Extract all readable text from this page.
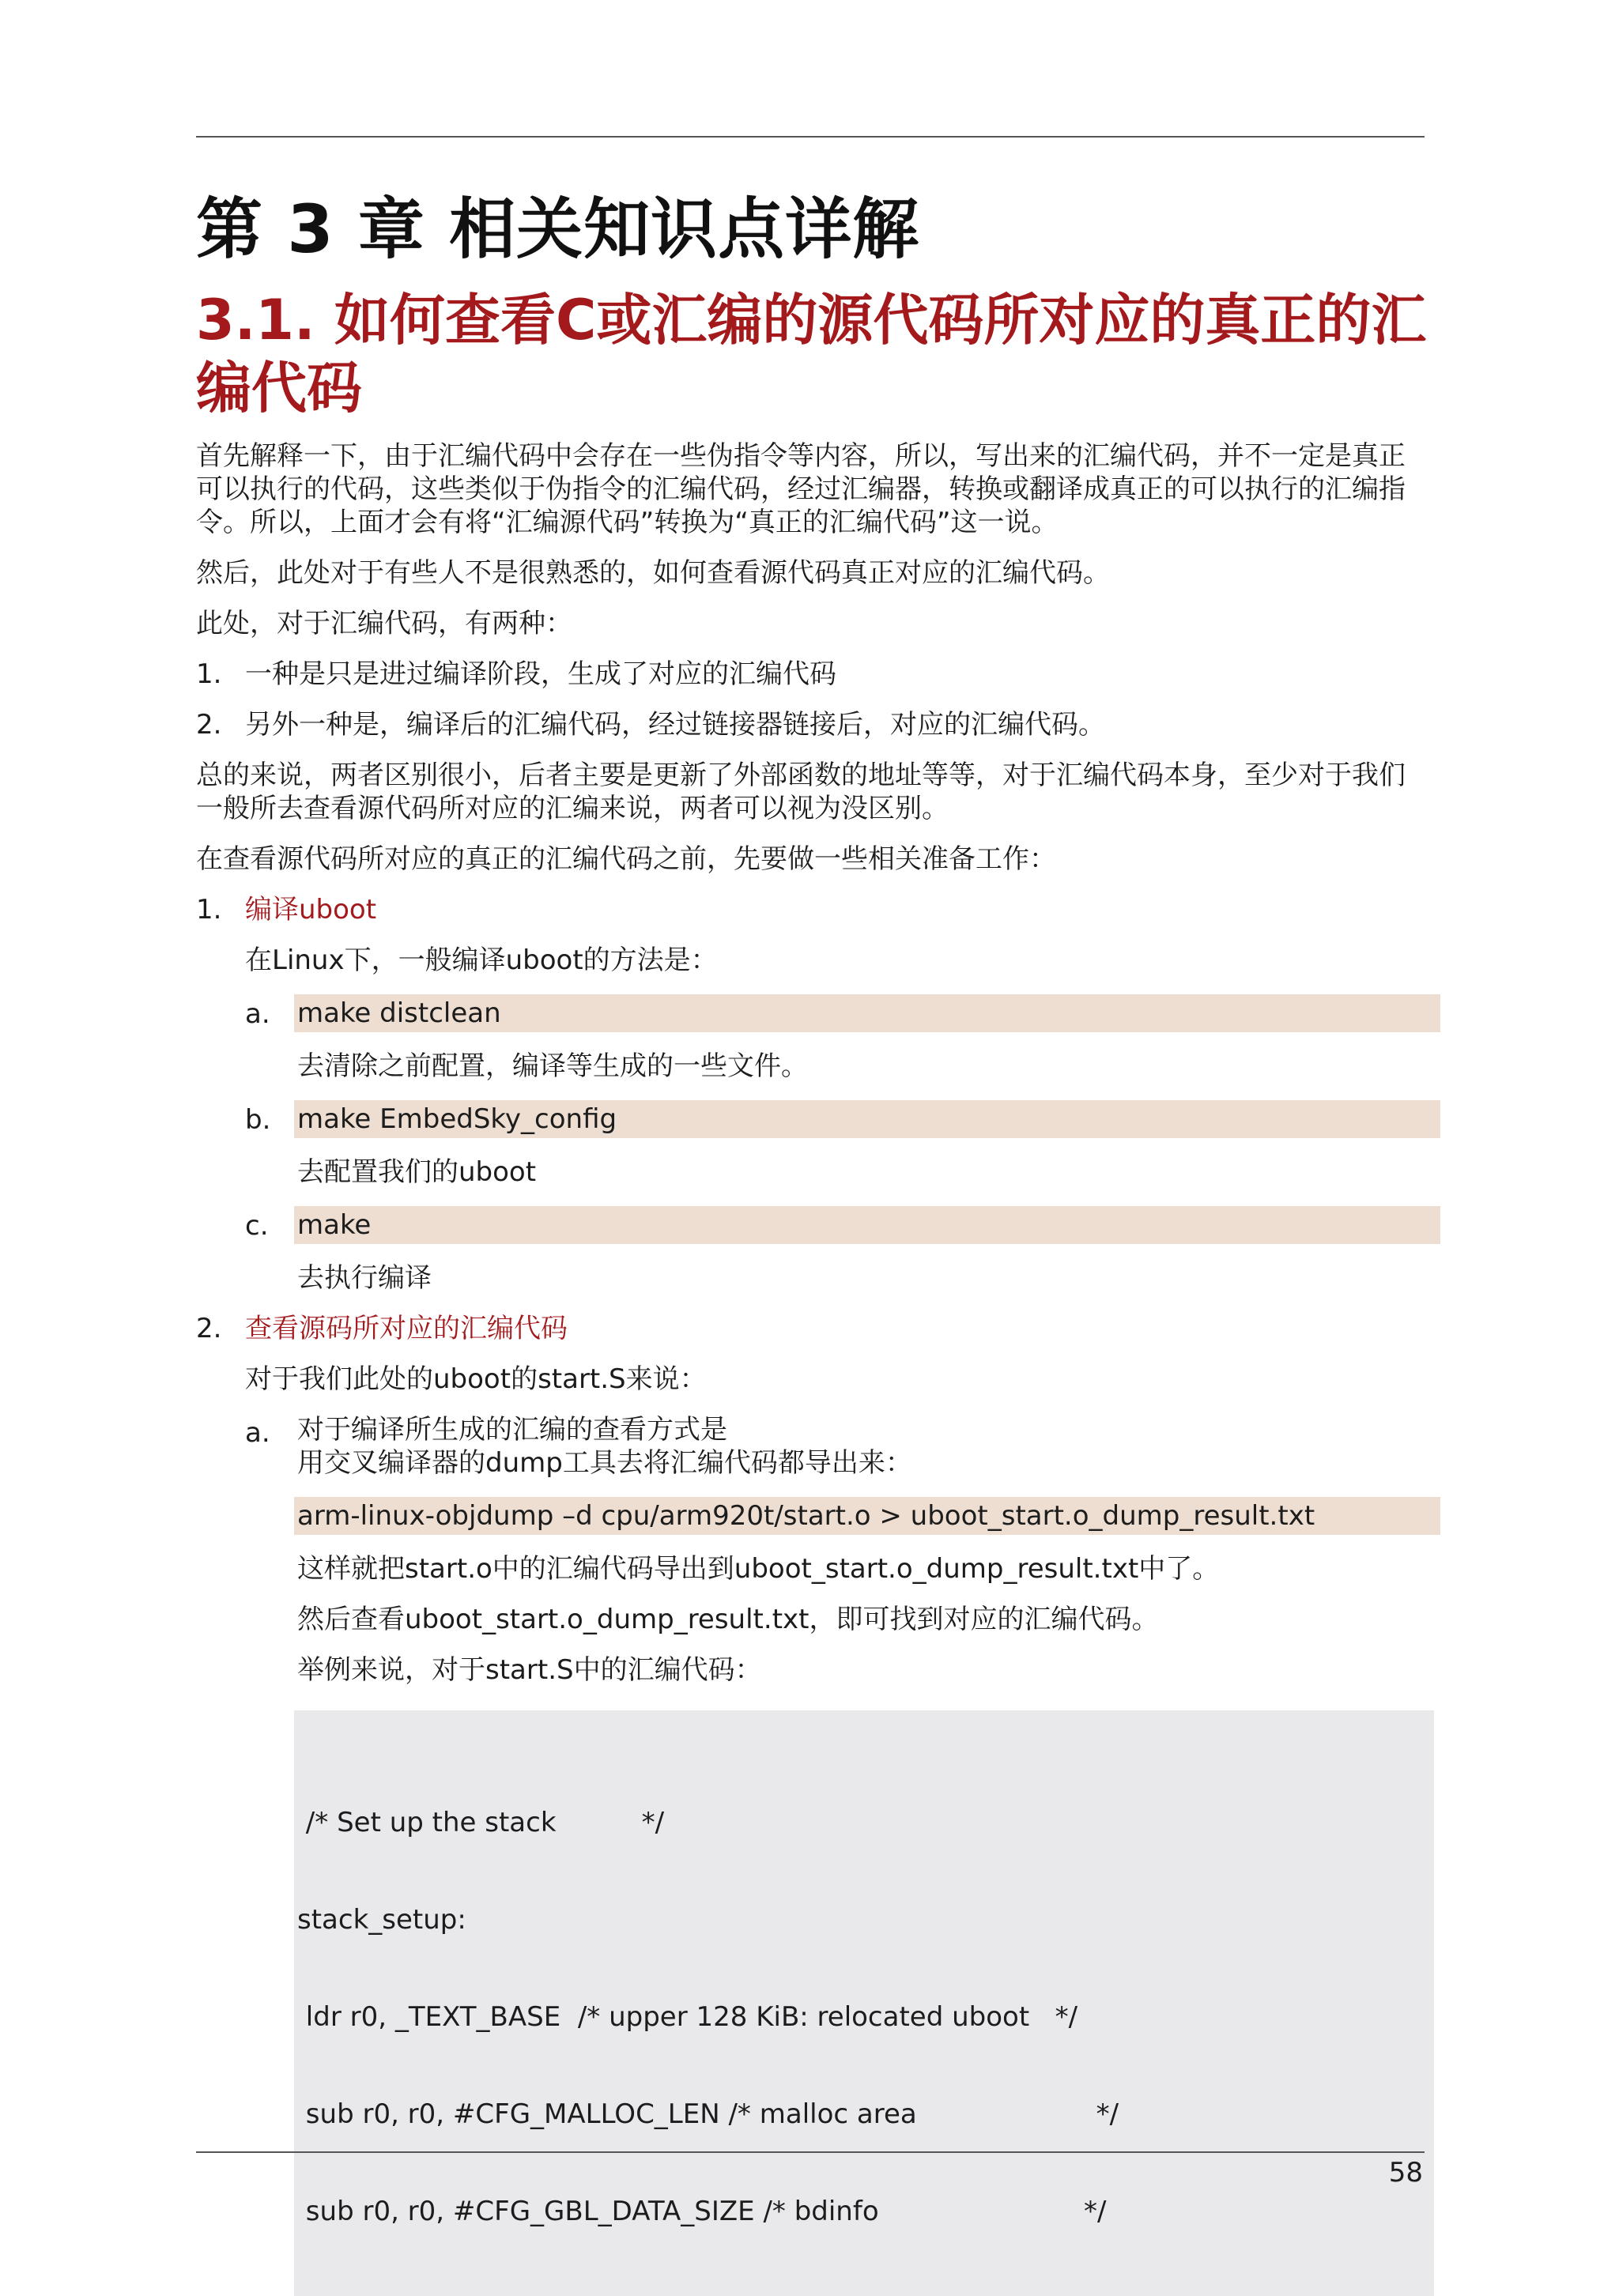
第 3 章 相关知识点详解
3.1. 如何查看C或汇编的源代码所对应的真正的汇编代码

首先解释一下，由于汇编代码中会存在一些伪指令等内容，所以，写出来的汇编代码，并不一定是真正可以执行的代码，这些类似于伪指令的汇编代码，经过汇编器，转换或翻译成真正的可以执行的汇编指令。所以，上面才会有将“汇编源代码”转换为“真正的汇编代码”这一说。

然后，此处对于有些人不是很熟悉的，如何查看源代码真正对应的汇编代码。

此处，对于汇编代码，有两种：

1. 一种是只是进过编译阶段，生成了对应的汇编代码
2. 另外一种是，编译后的汇编代码，经过链接器链接后，对应的汇编代码。

总的来说，两者区别很小，后者主要是更新了外部函数的地址等等，对于汇编代码本身，至少对于我们一般所去查看源代码所对应的汇编来说，两者可以视为没区别。

在查看源代码所对应的真正的汇编代码之前，先要做一些相关准备工作：

1. 编译uboot

在Linux下，一般编译uboot的方法是：

a.	make distclean
去清除之前配置，编译等生成的一些文件。
b. make EmbedSky_config
去配置我们的uboot
c.	make
去执行编译
2. 查看源码所对应的汇编代码

对于我们此处的uboot的start.S来说：

a.	对于编译所生成的汇编的查看方式是
用交叉编译器的dump工具去将汇编代码都导出来：
arm-linux-objdump –d cpu/arm920t/start.o > uboot_start.o_dump_result.txt
这样就把start.o中的汇编代码导出到uboot_start.o_dump_result.txt中了。
然后查看uboot_start.o_dump_result.txt，即可找到对应的汇编代码。
举例来说，对于start.S中的汇编代码：

/* Set up the stack          */

stack_setup:

ldr r0, _TEXT_BASE  /* upper 128 KiB: relocated uboot   */

sub r0, r0, #CFG_MALLOC_LEN /* malloc area                     */

sub r0, r0, #CFG_GBL_DATA_SIZE /* bdinfo                        */

58
